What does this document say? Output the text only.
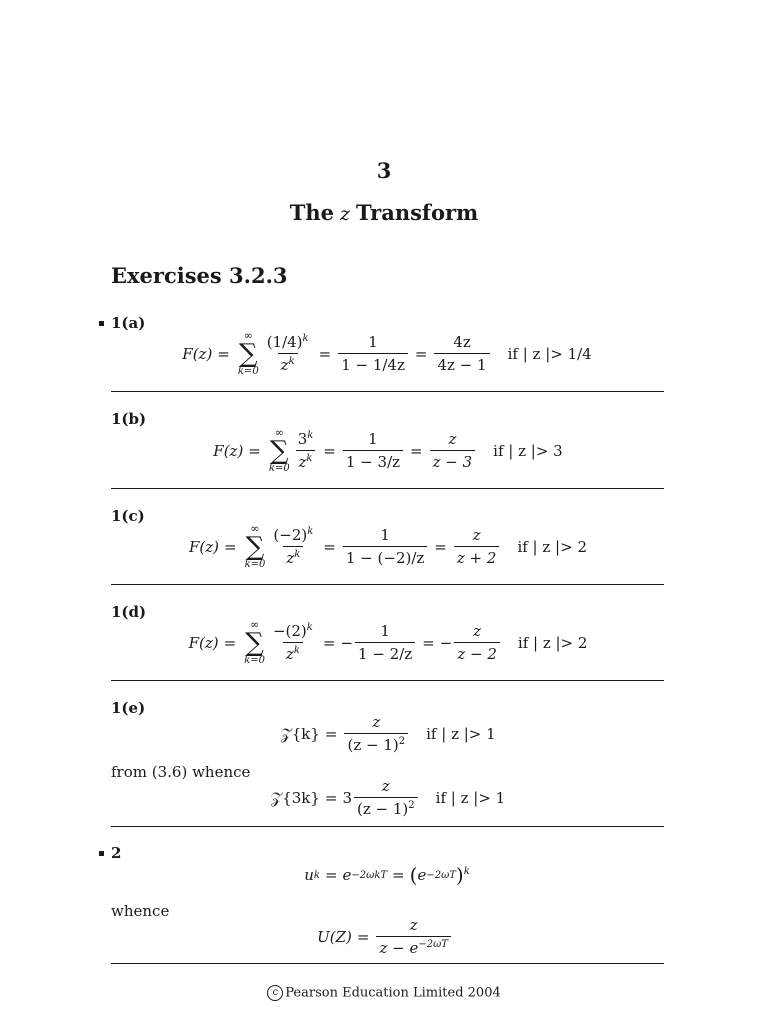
3
The z Transform
Exercises 3.2.3
1(a)
F(z) =
∞
∑
$k=0 \frac{(1/4)^k}{z^k} = \frac{1}{1 - 1/4z} = \frac{4z}{4z - 1}$ if | z |> 1/4
1(b)
F(z) =
∞
∑
$k=0 \frac{3^k}{z^k} = \frac{1}{1 - 3/z} = \frac{z}{z - 3}$ if | z |> 3
1(c)
F(z) =
∞
∑
$k=0 \frac{(-2)^k}{z^k} = \frac{1}{1 - (-2)/z} = \frac{z}{z + 2}$ if | z |> 2
1(d)
F(z) =
∞
∑
$k=0 \frac{-(2)^k}{z^k}$ = − $\frac{1}{1 - 2/z}$ = − $\frac{z}{z - 2}$ if | z |> 2
1(e)
𝒵{k} = $\frac{z}{(z - 1)^2}$ if | z |> 1
from (3.6) whence
𝒵{3k} = $3 \frac{z}{(z - 1)^2}$ if | z |> 1
2
u k = e −2ωkT = ( e −2ωT )$^k$
whence
$U(Z) = \frac{z}{z - e^{-2\omega T}}$
c Pearson Education Limited 2004
